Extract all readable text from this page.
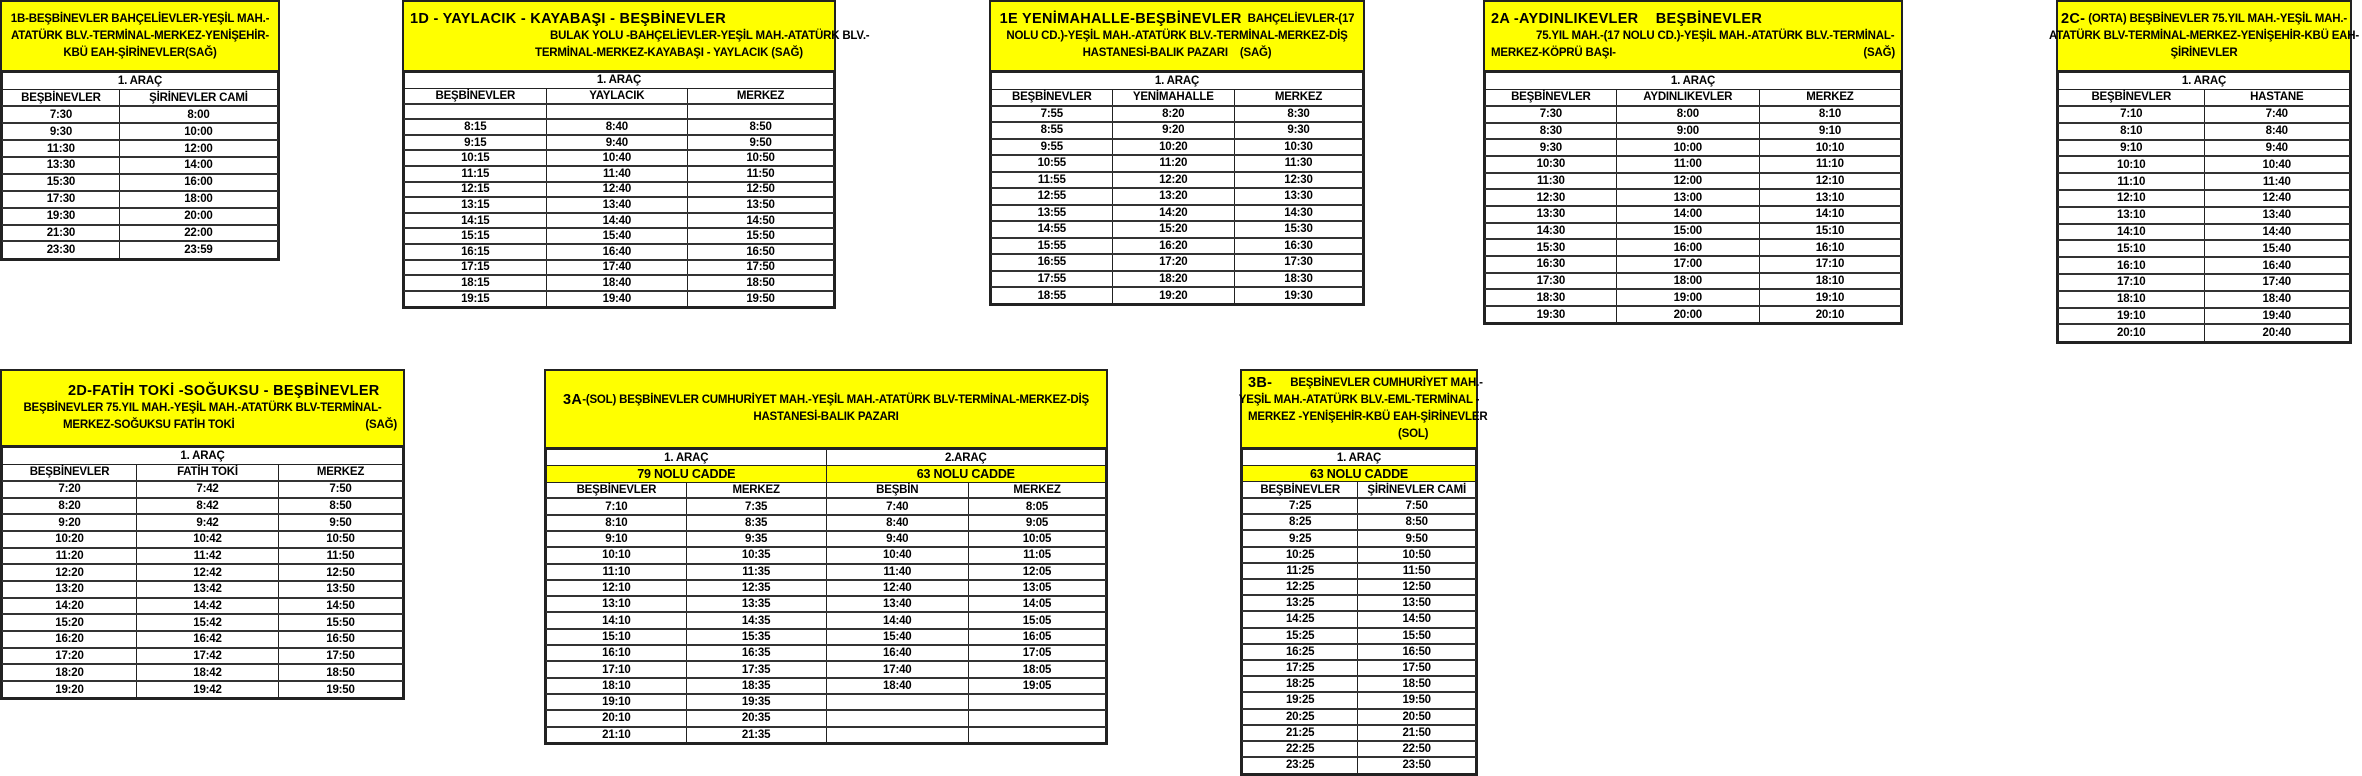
1B-BEŞBİNEVLER BAHÇELİEVLER-YEŞİL MAH.-
ATATÜRK BLV.-TERMİNAL-MERKEZ-YENİŞEHİR-
KBÜ EAH-ŞİRİNEVLER(SAĞ)
1. ARAÇ	
BEŞBİNEVLER	ŞİRİNEVLER CAMİ
7:30	8:00
9:30	10:00
11:30	12:00
13:30	14:00
15:30	16:00
17:30	18:00
19:30	20:00
21:30	22:00
23:30	23:59
1D - YAYLACIK - KAYABAŞI - BEŞBİNEVLER
BULAK YOLU -BAHÇELİEVLER-YEŞİL MAH.-ATATÜRK BLV.-
TERMİNAL-MERKEZ-KAYABAŞI - YAYLACIK (SAĞ)
1. ARAÇ		
BEŞBİNEVLER	YAYLACIK	MERKEZ

8:15	8:40	8:50
9:15	9:40	9:50
10:15	10:40	10:50
11:15	11:40	11:50
12:15	12:40	12:50
13:15	13:40	13:50
14:15	14:40	14:50
15:15	15:40	15:50
16:15	16:40	16:50
17:15	17:40	17:50
18:15	18:40	18:50
19:15	19:40	19:50
1E YENİMAHALLE-BEŞBİNEVLER BAHÇELİEVLER-(17
NOLU CD.)-YEŞİL MAH.-ATATÜRK BLV.-TERMİNAL-MERKEZ-DİŞ
HASTANESİ-BALIK PAZARI    (SAĞ)
1. ARAÇ		
BEŞBİNEVLER	YENİMAHALLE	MERKEZ
7:55	8:20	8:30
8:55	9:20	9:30
9:55	10:20	10:30
10:55	11:20	11:30
11:55	12:20	12:30
12:55	13:20	13:30
13:55	14:20	14:30
14:55	15:20	15:30
15:55	16:20	16:30
16:55	17:20	17:30
17:55	18:20	18:30
18:55	19:20	19:30
2A -AYDINLIKEVLER    BEŞBİNEVLER
75.YIL MAH.-(17 NOLU CD.)-YEŞİL MAH.-ATATÜRK BLV.-TERMİNAL-
MERKEZ-KÖPRÜ BAŞI-	(SAĞ)
1. ARAÇ		
BEŞBİNEVLER	AYDINLIKEVLER	MERKEZ
7:30	8:00	8:10
8:30	9:00	9:10
9:30	10:00	10:10
10:30	11:00	11:10
11:30	12:00	12:10
12:30	13:00	13:10
13:30	14:00	14:10
14:30	15:00	15:10
15:30	16:00	16:10
16:30	17:00	17:10
17:30	18:00	18:10
18:30	19:00	19:10
19:30	20:00	20:10
2C- (ORTA) BEŞBİNEVLER 75.YIL MAH.-YEŞİL MAH.-
ATATÜRK BLV-TERMİNAL-MERKEZ-YENİŞEHİR-KBÜ EAH-
ŞİRİNEVLER
1. ARAÇ	
BEŞBİNEVLER	HASTANE
7:10	7:40
8:10	8:40
9:10	9:40
10:10	10:40
11:10	11:40
12:10	12:40
13:10	13:40
14:10	14:40
15:10	15:40
16:10	16:40
17:10	17:40
18:10	18:40
19:10	19:40
20:10	20:40
2D-FATİH TOKİ -SOĞUKSU - BEŞBİNEVLER
BEŞBİNEVLER 75.YIL MAH.-YEŞİL MAH.-ATATÜRK BLV-TERMİNAL-
MERKEZ-SOĞUKSU FATİH TOKİ	(SAĞ)
1. ARAÇ		
BEŞBİNEVLER	FATİH TOKİ	MERKEZ
7:20	7:42	7:50
8:20	8:42	8:50
9:20	9:42	9:50
10:20	10:42	10:50
11:20	11:42	11:50
12:20	12:42	12:50
13:20	13:42	13:50
14:20	14:42	14:50
15:20	15:42	15:50
16:20	16:42	16:50
17:20	17:42	17:50
18:20	18:42	18:50
19:20	19:42	19:50
3A -(SOL) BEŞBİNEVLER CUMHURİYET MAH.-YEŞİL MAH.-ATATÜRK BLV-TERMİNAL-MERKEZ-DİŞ
HASTANESİ-BALIK PAZARI
1. ARAÇ		2.ARAÇ	
79 NOLU CADDE		63 NOLU CADDE	
BEŞBİNEVLER	MERKEZ	BEŞBİN	MERKEZ
7:10	7:35	7:40	8:05
8:10	8:35	8:40	9:05
9:10	9:35	9:40	10:05
10:10	10:35	10:40	11:05
11:10	11:35	11:40	12:05
12:10	12:35	12:40	13:05
13:10	13:35	13:40	14:05
14:10	14:35	14:40	15:05
15:10	15:35	15:40	16:05
16:10	16:35	16:40	17:05
17:10	17:35	17:40	18:05
18:10	18:35	18:40	19:05
19:10	19:35		
20:10	20:35		
21:10	21:35		
3B- BEŞBİNEVLER CUMHURİYET MAH.-
YEŞİL MAH.-ATATÜRK BLV.-EML-TERMİNAL -
MERKEZ -YENİŞEHİR-KBÜ EAH-ŞİRİNEVLER
(SOL)
1. ARAÇ	
63 NOLU CADDE	
BEŞBİNEVLER	ŞİRİNEVLER CAMİ
7:25	7:50
8:25	8:50
9:25	9:50
10:25	10:50
11:25	11:50
12:25	12:50
13:25	13:50
14:25	14:50
15:25	15:50
16:25	16:50
17:25	17:50
18:25	18:50
19:25	19:50
20:25	20:50
21:25	21:50
22:25	22:50
23:25	23:50
